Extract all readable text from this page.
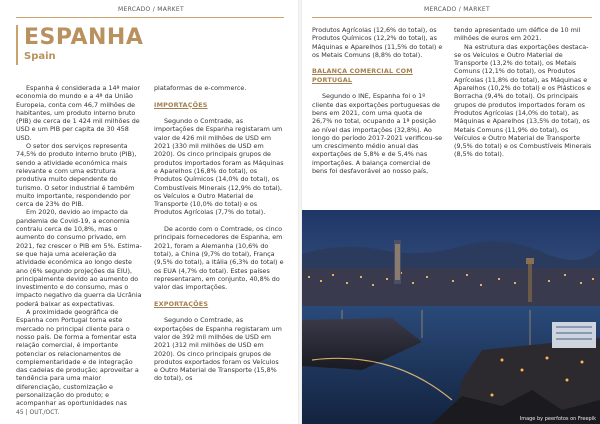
MERCADO / MARKET
ESPANHA
Spain

Espanha é considerada a 14ª maior economia do mundo e a 4ª da União Europeia, conta com 46,7 milhões de habitantes, um produto interno bruto (PIB) de cerca de 1 424 mil milhões de USD e um PIB per capita de 30 458 USD.

O setor dos serviços representa 74,5% do produto interno bruto (PIB), sendo a atividade económica mais relevante e com uma estrutura produtiva muito dependente do turismo. O setor industrial é também muito importante, respondendo por cerca de 23% do PIB.

Em 2020, devido ao impacto da pandemia de Covid-19, a economia contraiu cerca de 10,8%, mas o aumento do consumo privado, em 2021, fez crescer o PIB em 5%. Estima-se que haja uma aceleração da atividade económica ao longo deste ano (6% segundo projeções da EIU), principalmente devido ao aumento do investimento e do consumo, mas o impacto negativo da guerra da Ucrânia poderá baixar as expectativas.

A proximidade geográfica de Espanha com Portugal torna este mercado no principal cliente para o nosso país. De forma a fomentar esta relação comercial, é importante potenciar os relacionamentos de complementaridade e de integração das cadeias de produção; aproveitar a tendência para uma maior diferenciação, customização e personalização do produto; e acompanhar as oportunidades nas

plataformas de e-commerce.
IMPORTAÇÕES

Segundo o Comtrade, as importações de Espanha registaram um valor de 426 mil milhões de USD em 2021 (330 mil milhões de USD em 2020). Os cinco principais grupos de produtos importados foram as Máquinas e Aparelhos (16,8% do total), os Produtos Químicos (14,0% do total), os Combustíveis Minerais (12,9% do total), os Veículos e Outro Material de Transporte (10,0% do total) e os Produtos Agrícolas (7,7% do total).

De acordo com o Comtrade, os cinco principais fornecedores de Espanha, em 2021, foram a Alemanha (10,6% do total), a China (9,7% do total), França (9,5% do total), a Itália (6,3% do total) e os EUA (4,7% do total). Estes países representaram, em conjunto, 40,8% do valor das importações.

EXPORTAÇÕES

Segundo o Comtrade, as exportações de Espanha registaram um valor de 392 mil milhões de USD em 2021 (312 mil milhões de USD em 2020). Os cinco principais grupos de produtos exportados foram os Veículos e Outro Material de Transporte (15,8% do total), os

45 | OUT./OCT.
MERCADO / MARKET
Produtos Agrícolas (12,6% do total), os Produtos Químicos (12,2% do total), as Máquinas e Aparelhos (11,5% do total) e os Metais Comuns (8,8% do total).
BALANÇA COMERCIAL COM PORTUGAL

Segundo o INE, Espanha foi o 1º cliente das exportações portuguesas de bens em 2021, com uma quota de 26,7% no total, ocupando a 1ª posição ao nível das importações (32,8%). Ao longo do período 2017-2021 verificou-se um crescimento médio anual das exportações de 5,8% e de 5,4% nas importações. A balança comercial de bens foi desfavorável ao nosso país,

tendo apresentado um défice de 10 mil milhões de euros em 2021.

Na estrutura das exportações destaca-se os Veículos e Outro Material de Transporte (13,2% do total), os Metais Comuns (12,1% do total), os Produtos Agrícolas (11,8% do total), as Máquinas e Aparelhos (10,2% do total) e os Plásticos e Borracha (9,4% do total). Os principais grupos de produtos importados foram os Produtos Agrícolas (14,0% do total), as Máquinas e Aparelhos (13,5% do total), os Metais Comuns (11,9% do total), os Veículos e Outro Material de Transporte (9,5% do total) e os Combustíveis Minerais (8,5% do total).

Image by peerfotos on Freepik
